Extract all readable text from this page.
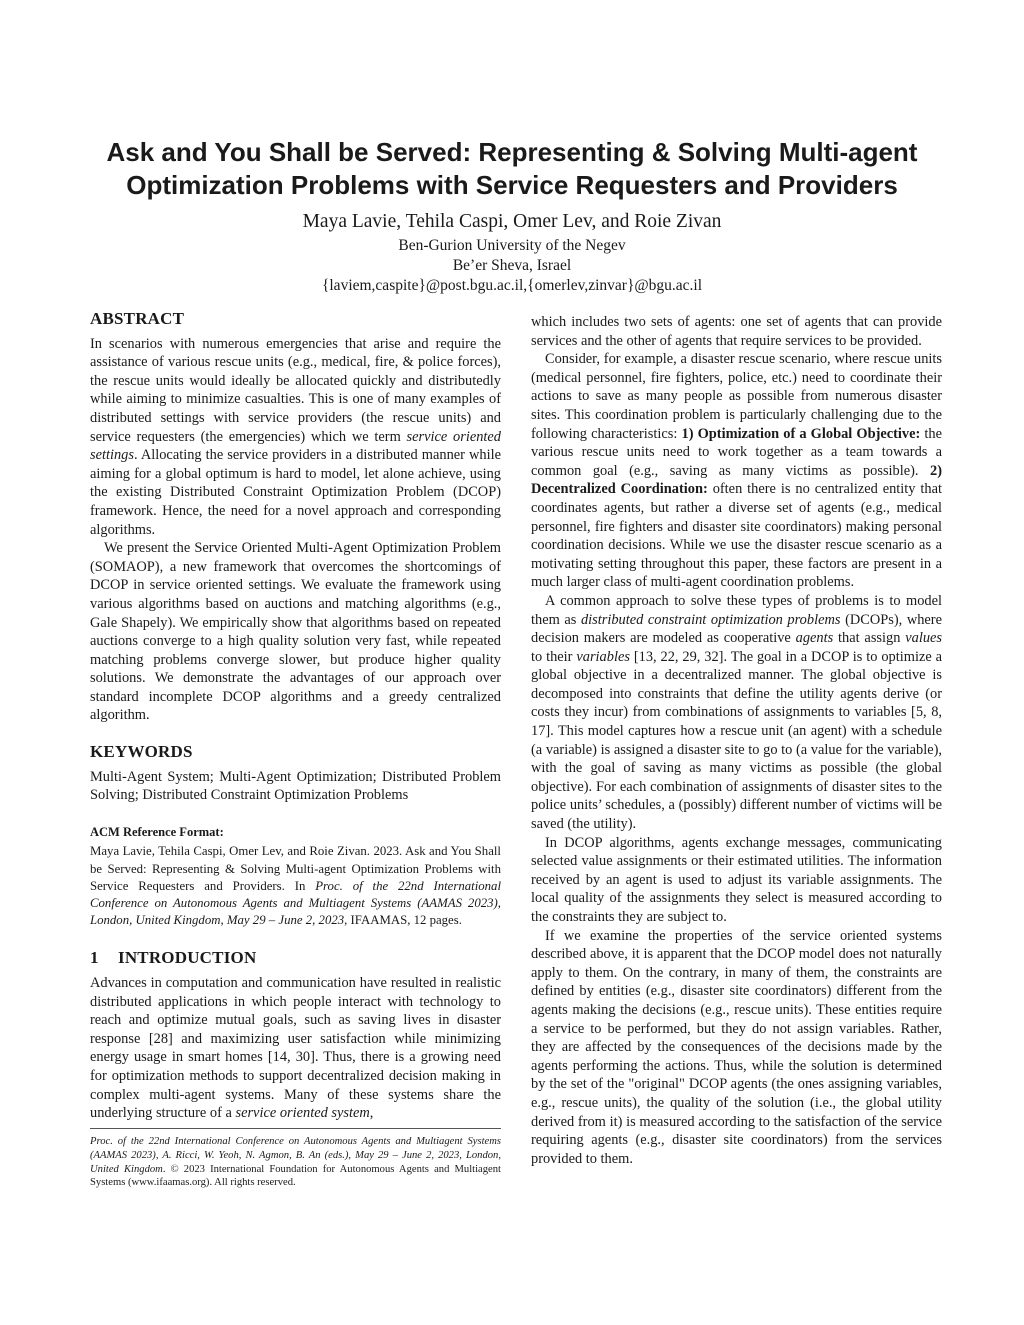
Ask and You Shall be Served: Representing & Solving Multi-agent Optimization Problems with Service Requesters and Providers
Maya Lavie, Tehila Caspi, Omer Lev, and Roie Zivan
Ben-Gurion University of the Negev
Be’er Sheva, Israel
{laviem,caspite}@post.bgu.ac.il,{omerlev,zinvar}@bgu.ac.il
ABSTRACT

In scenarios with numerous emergencies that arise and require the assistance of various rescue units (e.g., medical, fire, & police forces), the rescue units would ideally be allocated quickly and distributedly while aiming to minimize casualties. This is one of many examples of distributed settings with service providers (the rescue units) and service requesters (the emergencies) which we term service oriented settings. Allocating the service providers in a distributed manner while aiming for a global optimum is hard to model, let alone achieve, using the existing Distributed Constraint Optimization Problem (DCOP) framework. Hence, the need for a novel approach and corresponding algorithms.

We present the Service Oriented Multi-Agent Optimization Problem (SOMAOP), a new framework that overcomes the shortcomings of DCOP in service oriented settings. We evaluate the framework using various algorithms based on auctions and matching algorithms (e.g., Gale Shapely). We empirically show that algorithms based on repeated auctions converge to a high quality solution very fast, while repeated matching problems converge slower, but produce higher quality solutions. We demonstrate the advantages of our approach over standard incomplete DCOP algorithms and a greedy centralized algorithm.

KEYWORDS

Multi-Agent System; Multi-Agent Optimization; Distributed Problem Solving; Distributed Constraint Optimization Problems

ACM Reference Format:

Maya Lavie, Tehila Caspi, Omer Lev, and Roie Zivan. 2023. Ask and You Shall be Served: Representing & Solving Multi-agent Optimization Problems with Service Requesters and Providers. In Proc. of the 22nd International Conference on Autonomous Agents and Multiagent Systems (AAMAS 2023), London, United Kingdom, May 29 – June 2, 2023, IFAAMAS, 12 pages.

1 INTRODUCTION

Advances in computation and communication have resulted in realistic distributed applications in which people interact with technology to reach and optimize mutual goals, such as saving lives in disaster response [28] and maximizing user satisfaction while minimizing energy usage in smart homes [14, 30]. Thus, there is a growing need for optimization methods to support decentralized decision making in complex multi-agent systems. Many of these systems share the underlying structure of a service oriented system,

Proc. of the 22nd International Conference on Autonomous Agents and Multiagent Systems (AAMAS 2023), A. Ricci, W. Yeoh, N. Agmon, B. An (eds.), May 29 – June 2, 2023, London, United Kingdom. © 2023 International Foundation for Autonomous Agents and Multiagent Systems (www.ifaamas.org). All rights reserved.

which includes two sets of agents: one set of agents that can provide services and the other of agents that require services to be provided.

Consider, for example, a disaster rescue scenario, where rescue units (medical personnel, fire fighters, police, etc.) need to coordinate their actions to save as many people as possible from numerous disaster sites. This coordination problem is particularly challenging due to the following characteristics: 1) Optimization of a Global Objective: the various rescue units need to work together as a team towards a common goal (e.g., saving as many victims as possible). 2) Decentralized Coordination: often there is no centralized entity that coordinates agents, but rather a diverse set of agents (e.g., medical personnel, fire fighters and disaster site coordinators) making personal coordination decisions. While we use the disaster rescue scenario as a motivating setting throughout this paper, these factors are present in a much larger class of multi-agent coordination problems.

A common approach to solve these types of problems is to model them as distributed constraint optimization problems (DCOPs), where decision makers are modeled as cooperative agents that assign values to their variables [13, 22, 29, 32]. The goal in a DCOP is to optimize a global objective in a decentralized manner. The global objective is decomposed into constraints that define the utility agents derive (or costs they incur) from combinations of assignments to variables [5, 8, 17]. This model captures how a rescue unit (an agent) with a schedule (a variable) is assigned a disaster site to go to (a value for the variable), with the goal of saving as many victims as possible (the global objective). For each combination of assignments of disaster sites to the police units’ schedules, a (possibly) different number of victims will be saved (the utility).

In DCOP algorithms, agents exchange messages, communicating selected value assignments or their estimated utilities. The information received by an agent is used to adjust its variable assignments. The local quality of the assignments they select is measured according to the constraints they are subject to.

If we examine the properties of the service oriented systems described above, it is apparent that the DCOP model does not naturally apply to them. On the contrary, in many of them, the constraints are defined by entities (e.g., disaster site coordinators) different from the agents making the decisions (e.g., rescue units). These entities require a service to be performed, but they do not assign variables. Rather, they are affected by the consequences of the decisions made by the agents performing the actions. Thus, while the solution is determined by the set of the "original" DCOP agents (the ones assigning variables, e.g., rescue units), the quality of the solution (i.e., the global utility derived from it) is measured according to the satisfaction of the service requiring agents (e.g., disaster site coordinators) from the services provided to them.
